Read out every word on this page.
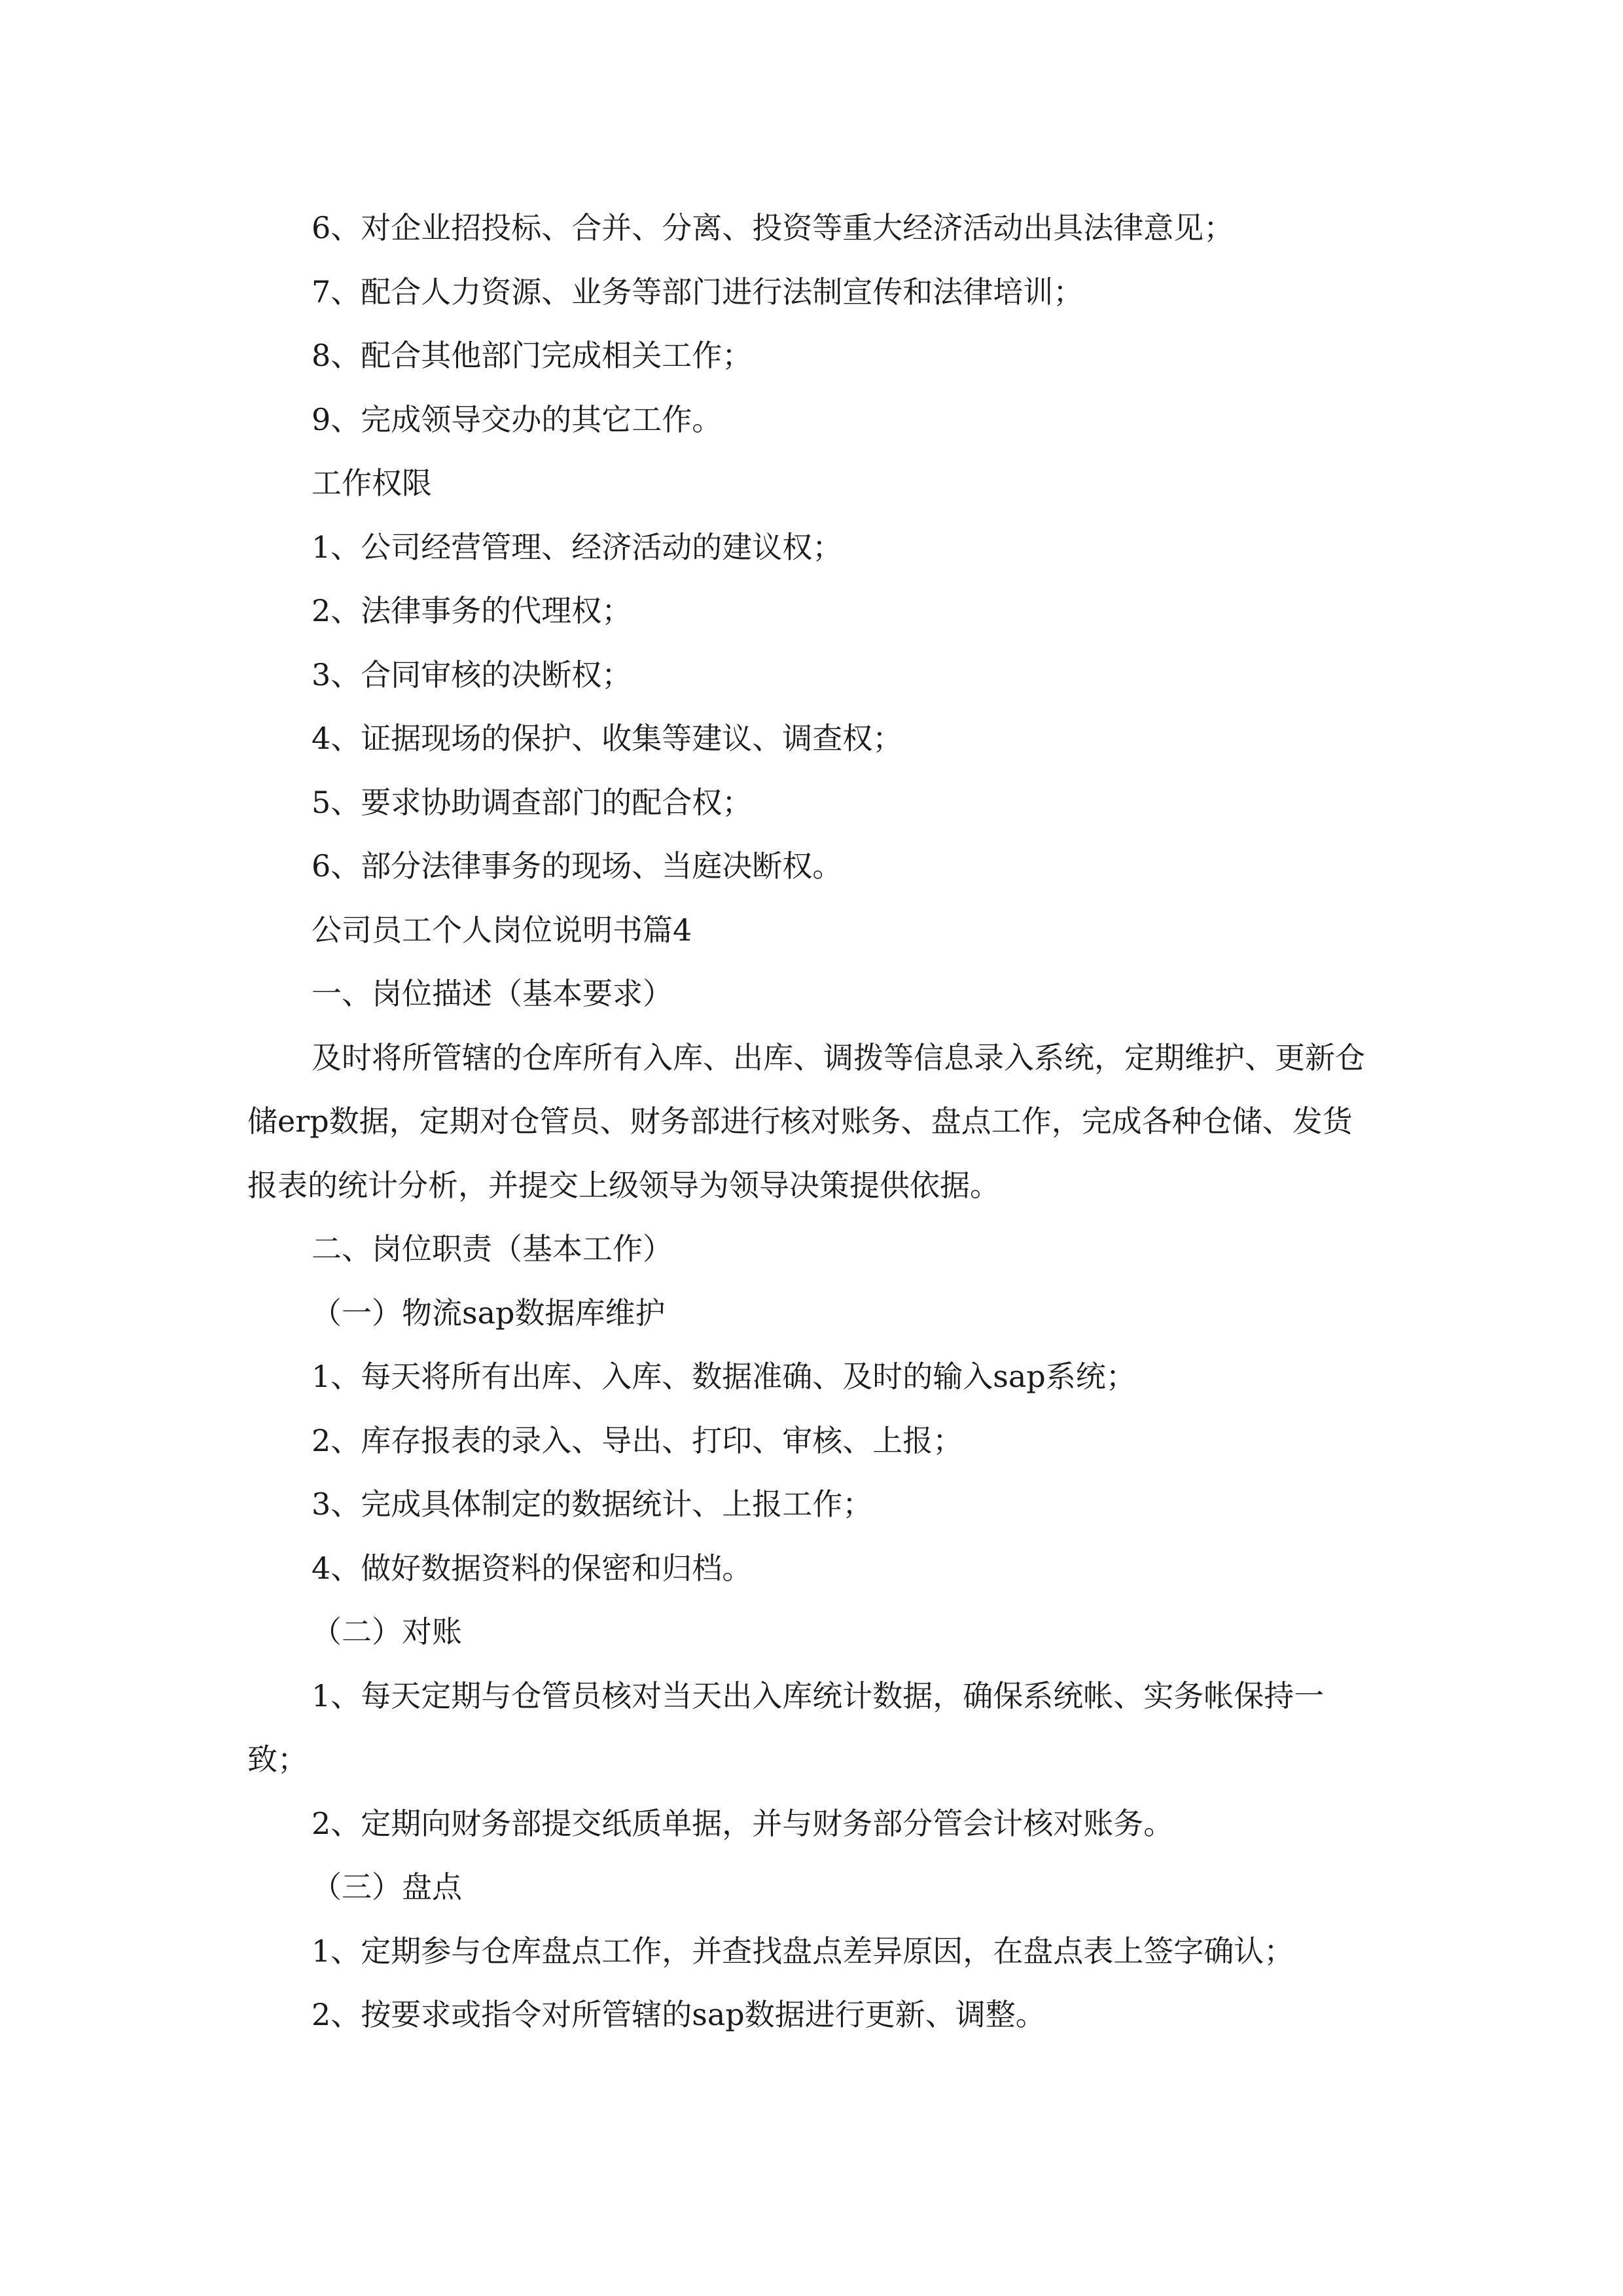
6、对企业招投标、合并、分离、投资等重大经济活动出具法律意见；

7、配合人力资源、业务等部门进行法制宣传和法律培训；

8、配合其他部门完成相关工作；

9、完成领导交办的其它工作。

工作权限

1、公司经营管理、经济活动的建议权；

2、法律事务的代理权；

3、合同审核的决断权；

4、证据现场的保护、收集等建议、调查权；

5、要求协助调查部门的配合权；

6、部分法律事务的现场、当庭决断权。

公司员工个人岗位说明书篇4

一、岗位描述（基本要求）

及时将所管辖的仓库所有入库、出库、调拨等信息录入系统，定期维护、更新仓储erp数据，定期对仓管员、财务部进行核对账务、盘点工作，完成各种仓储、发货报表的统计分析，并提交上级领导为领导决策提供依据。

二、岗位职责（基本工作）

（一）物流sap数据库维护

1、每天将所有出库、入库、数据准确、及时的输入sap系统；

2、库存报表的录入、导出、打印、审核、上报；

3、完成具体制定的数据统计、上报工作；

4、做好数据资料的保密和归档。

（二）对账

1、每天定期与仓管员核对当天出入库统计数据，确保系统帐、实务帐保持一致；

2、定期向财务部提交纸质单据，并与财务部分管会计核对账务。

（三）盘点

1、定期参与仓库盘点工作，并查找盘点差异原因，在盘点表上签字确认；

2、按要求或指令对所管辖的sap数据进行更新、调整。
